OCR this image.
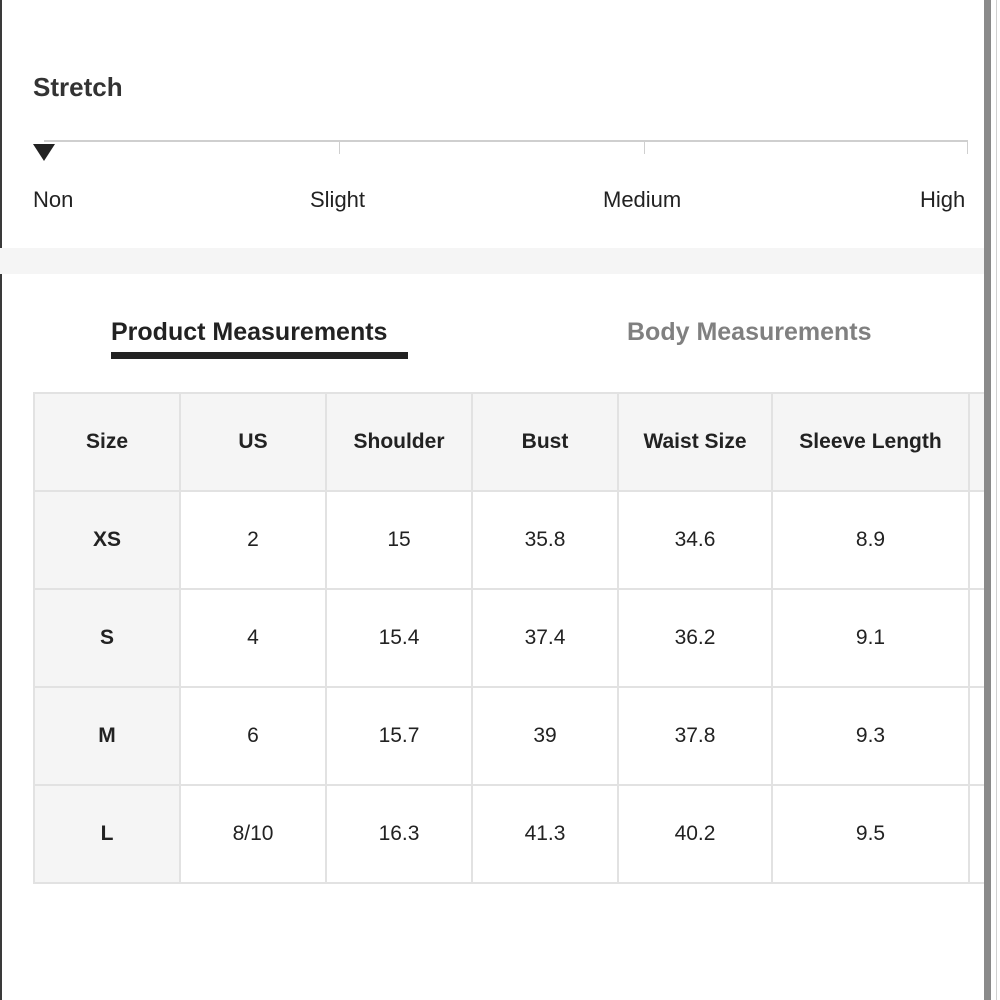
Stretch
Non	Slight	Medium	High
Product Measurements	Body Measurements
Size	US	Shoulder	Bust	Waist Size	Sleeve Length	
XS	2	15	35.8	34.6	8.9	
S	4	15.4	37.4	36.2	9.1	
M	6	15.7	39	37.8	9.3	
L	8/10	16.3	41.3	40.2	9.5	
